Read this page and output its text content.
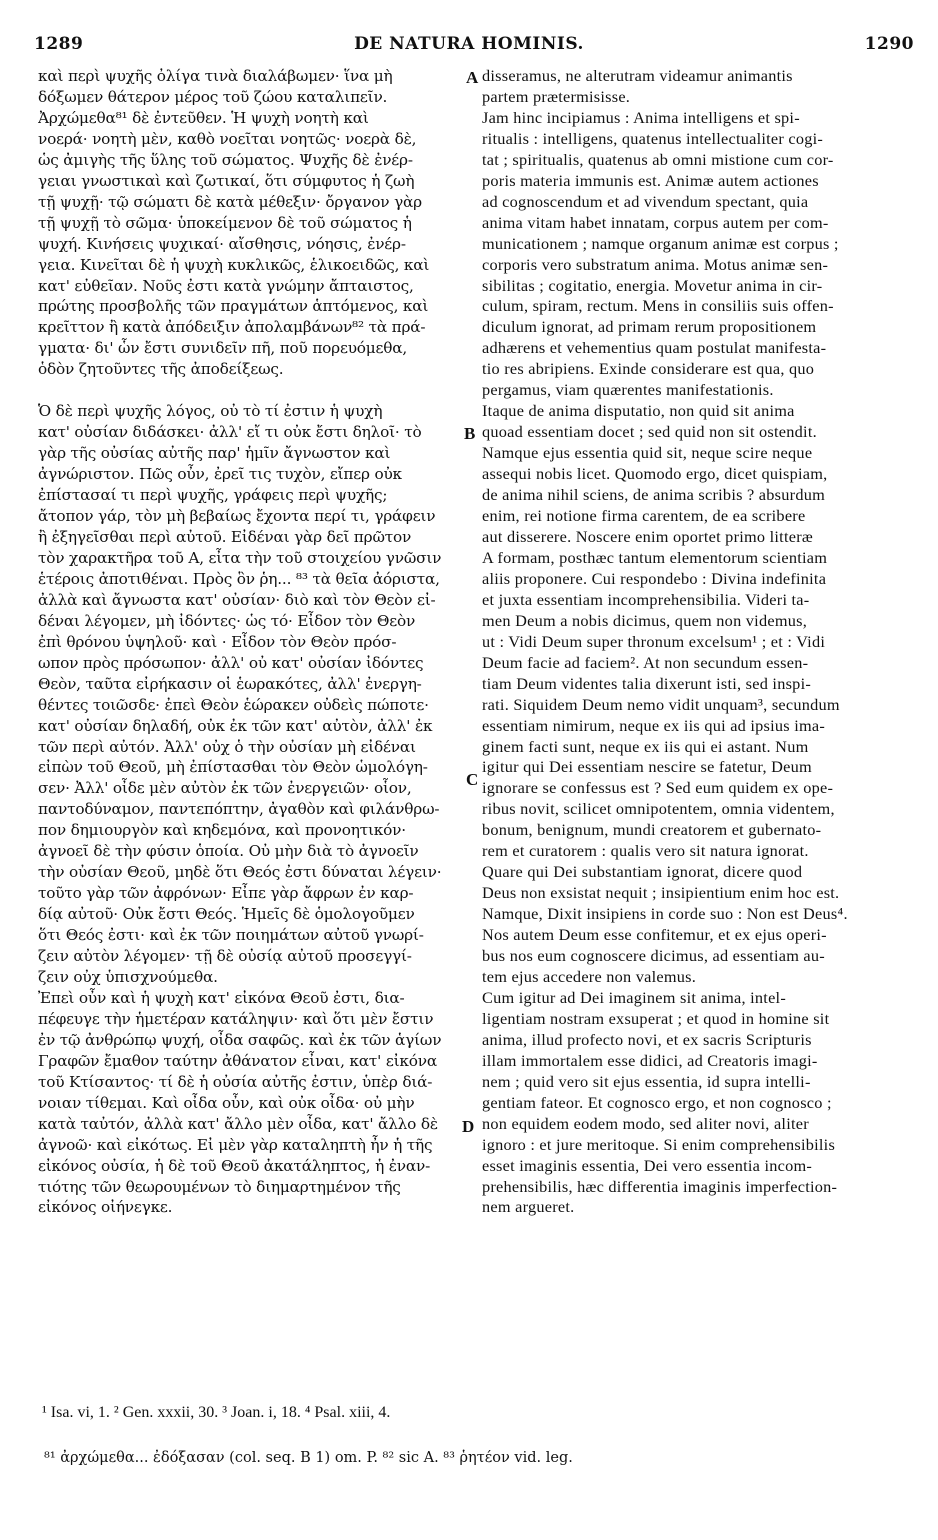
1289	DE NATURA HOMINIS.	1290
καὶ περὶ ψυχῆς ὀλίγα τινὰ διαλάβωμεν· ἵνα μὴ
δόξωμεν θάτερον μέρος τοῦ ζώου καταλιπεῖν.
Ἀρχώμεθα⁸¹ δὲ ἐντεῦθεν. Ἡ ψυχὴ νοητὴ καὶ
νοερά· νοητὴ μὲν, καθὸ νοεῖται νοητῶς· νοερὰ δὲ,
ὡς ἀμιγὴς τῆς ὕλης τοῦ σώματος. Ψυχῆς δὲ ἐνέρ-
γειαι γνωστικαὶ καὶ ζωτικαί, ὅτι σύμφυτος ἡ ζωὴ
τῇ ψυχῇ· τῷ σώματι δὲ κατὰ μέθεξιν· ὄργανον γὰρ
τῇ ψυχῇ τὸ σῶμα· ὑποκείμενον δὲ τοῦ σώματος ἡ
ψυχή. Κινήσεις ψυχικαί· αἴσθησις, νόησις, ἐνέρ-
γεια. Κινεῖται δὲ ἡ ψυχὴ κυκλικῶς, ἑλικοειδῶς, καὶ
κατ' εὐθεῖαν. Νοῦς ἐστι κατὰ γνώμην ἄπταιστος,
πρώτης προσβολῆς τῶν πραγμάτων ἁπτόμενος, καὶ
κρεῖττον ἢ κατὰ ἀπόδειξιν ἀπολαμβάνων⁸² τὰ πρά-
γματα· δι' ὧν ἔστι συνιδεῖν πῆ, ποῦ πορευόμεθα,
ὁδὸν ζητοῦντες τῆς ἀποδείξεως.

Ὁ δὲ περὶ ψυχῆς λόγος, οὐ τὸ τί ἐστιν ἡ ψυχὴ
κατ' οὐσίαν διδάσκει· ἀλλ' εἴ τι οὐκ ἔστι δηλοῖ· τὸ
γὰρ τῆς οὐσίας αὐτῆς παρ' ἡμῖν ἄγνωστον καὶ
ἀγνώριστον. Πῶς οὖν, ἐρεῖ τις τυχὸν, εἴπερ οὐκ
ἐπίστασαί τι περὶ ψυχῆς, γράφεις περὶ ψυχῆς;
ἄτοπον γάρ, τὸν μὴ βεβαίως ἔχοντα περί τι, γράφειν
ἢ ἐξηγεῖσθαι περὶ αὐτοῦ. Εἰδέναι γὰρ δεῖ πρῶτον
τὸν χαρακτῆρα τοῦ Α, εἶτα τὴν τοῦ στοιχείου γνῶσιν
ἑτέροις ἀποτιθέναι. Πρὸς ὃν ῥη... ⁸³ τὰ θεῖα ἀόριστα,
ἀλλὰ καὶ ἄγνωστα κατ' οὐσίαν· διὸ καὶ τὸν Θεὸν εἰ-
δέναι λέγομεν, μὴ ἰδόντες· ὡς τό· Εἶδον τὸν Θεὸν
ἐπὶ θρόνου ὑψηλοῦ· καὶ · Εἶδον τὸν Θεὸν πρόσ-
ωπον πρὸς πρόσωπον· ἀλλ' οὐ κατ' οὐσίαν ἰδόντες
Θεὸν, ταῦτα εἰρήκασιν οἱ ἑωρακότες, ἀλλ' ἐνεργη-
θέντες τοιῶσδε· ἐπεὶ Θεὸν ἑώρακεν οὐδεὶς πώποτε·
κατ' οὐσίαν δηλαδή, οὐκ ἐκ τῶν κατ' αὐτὸν, ἀλλ' ἐκ
τῶν περὶ αὐτόν. Ἀλλ' οὐχ ὁ τὴν οὐσίαν μὴ εἰδέναι
εἰπὼν τοῦ Θεοῦ, μὴ ἐπίστασθαι τὸν Θεὸν ὡμολόγη-
σεν· Ἀλλ' οἶδε μὲν αὐτὸν ἐκ τῶν ἐνεργειῶν· οἷον,
παντοδύναμον, παντεπόπτην, ἀγαθὸν καὶ φιλάνθρω-
πον δημιουργὸν καὶ κηδεμόνα, καὶ προνοητικόν·
ἀγνοεῖ δὲ τὴν φύσιν ὁποία. Οὐ μὴν διὰ τὸ ἀγνοεῖν
τὴν οὐσίαν Θεοῦ, μηδὲ ὅτι Θεός ἐστι δύναται λέγειν·
τοῦτο γὰρ τῶν ἀφρόνων· Εἶπε γὰρ ἄφρων ἐν καρ-
δίᾳ αὐτοῦ· Οὐκ ἔστι Θεός. Ἡμεῖς δὲ ὁμολογοῦμεν
ὅτι Θεός ἐστι· καὶ ἐκ τῶν ποιημάτων αὐτοῦ γνωρί-
ζειν αὐτὸν λέγομεν· τῇ δὲ οὐσίᾳ αὐτοῦ προσεγγί-
ζειν οὐχ ὑπισχνούμεθα.
Ἐπεὶ οὖν καὶ ἡ ψυχὴ κατ' εἰκόνα Θεοῦ ἐστι, δια-
πέφευγε τὴν ἡμετέραν κατάληψιν· καὶ ὅτι μὲν ἔστιν
ἐν τῷ ἀνθρώπῳ ψυχή, οἶδα σαφῶς. καὶ ἐκ τῶν ἁγίων
Γραφῶν ἔμαθον ταύτην ἀθάνατον εἶναι, κατ' εἰκόνα
τοῦ Κτίσαντος· τί δὲ ἡ οὐσία αὐτῆς ἐστιν, ὑπὲρ διά-
νοιαν τίθεμαι. Καὶ οἶδα οὖν, καὶ οὐκ οἶδα· οὐ μὴν
κατὰ ταὐτόν, ἀλλὰ κατ' ἄλλο μὲν οἶδα, κατ' ἄλλο δὲ
ἀγνοῶ· καὶ εἰκότως. Εἰ μὲν γὰρ καταληπτὴ ἦν ἡ τῆς
εἰκόνος οὐσία, ἡ δὲ τοῦ Θεοῦ ἀκατάληπτος, ἡ ἐναν-
τιότης τῶν θεωρουμένων τὸ διημαρτημένον τῆς
εἰκόνος οἰήνεγκε.
disseramus, ne alterutram videamur animantis
partem prætermisisse.
Jam hinc incipiamus : Anima intelligens et spi-
ritualis : intelligens, quatenus intellectualiter cogi-
tat ; spiritualis, quatenus ab omni mistione cum cor-
poris materia immunis est. Animæ autem actiones
ad cognoscendum et ad vivendum spectant, quia
anima vitam habet innatam, corpus autem per com-
municationem ; namque organum animæ est corpus ;
corporis vero substratum anima. Motus animæ sen-
sibilitas ; cogitatio, energia. Movetur anima in cir-
culum, spiram, rectum. Mens in consiliis suis offen-
diculum ignorat, ad primam rerum propositionem
adhærens et vehementius quam postulat manifesta-
tio res abripiens. Exinde considerare est qua, quo
pergamus, viam quærentes manifestationis.
Itaque de anima disputatio, non quid sit anima
quoad essentiam docet ; sed quid non sit ostendit.
Namque ejus essentia quid sit, neque scire neque
assequi nobis licet. Quomodo ergo, dicet quispiam,
de anima nihil sciens, de anima scribis ? absurdum
enim, rei notione firma carentem, de ea scribere
aut disserere. Noscere enim oportet primo litteræ
A formam, posthæc tantum elementorum scientiam
aliis proponere. Cui respondebo : Divina indefinita
et juxta essentiam incomprehensibilia. Videri ta-
men Deum a nobis dicimus, quem non videmus,
ut : Vidi Deum super thronum excelsum¹ ; et : Vidi
Deum facie ad faciem². At non secundum essen-
tiam Deum videntes talia dixerunt isti, sed inspi-
rati. Siquidem Deum nemo vidit unquam³, secundum
essentiam nimirum, neque ex iis qui ad ipsius ima-
ginem facti sunt, neque ex iis qui ei astant. Num
igitur qui Dei essentiam nescire se fatetur, Deum
ignorare se confessus est ? Sed eum quidem ex ope-
ribus novit, scilicet omnipotentem, omnia videntem,
bonum, benignum, mundi creatorem et gubernato-
rem et curatorem : qualis vero sit natura ignorat.
Quare qui Dei substantiam ignorat, dicere quod
Deus non exsistat nequit ; insipientium enim hoc est.
Namque, Dixit insipiens in corde suo : Non est Deus⁴.
Nos autem Deum esse confitemur, et ex ejus operi-
bus nos eum cognoscere dicimus, ad essentiam au-
tem ejus accedere non valemus.
Cum igitur ad Dei imaginem sit anima, intel-
ligentiam nostram exsuperat ; et quod in homine sit
anima, illud profecto novi, et ex sacris Scripturis
illam immortalem esse didici, ad Creatoris imagi-
nem ; quid vero sit ejus essentia, id supra intelli-
gentiam fateor. Et cognosco ergo, et non cognosco ;
non equidem eodem modo, sed aliter novi, aliter
ignoro : et jure meritoque. Si enim comprehensibilis
esset imaginis essentia, Dei vero essentia incom-
prehensibilis, hæc differentia imaginis imperfection-
nem argueret.
A
B
C
D
¹ Isa. vi, 1. ² Gen. xxxii, 30. ³ Joan. i, 18. ⁴ Psal. xiii, 4.
⁸¹ ἀρχώμεθα... ἐδόξασαν (col. seq. B 1) om. P. ⁸² sic A. ⁸³ ῥητέον vid. leg.
